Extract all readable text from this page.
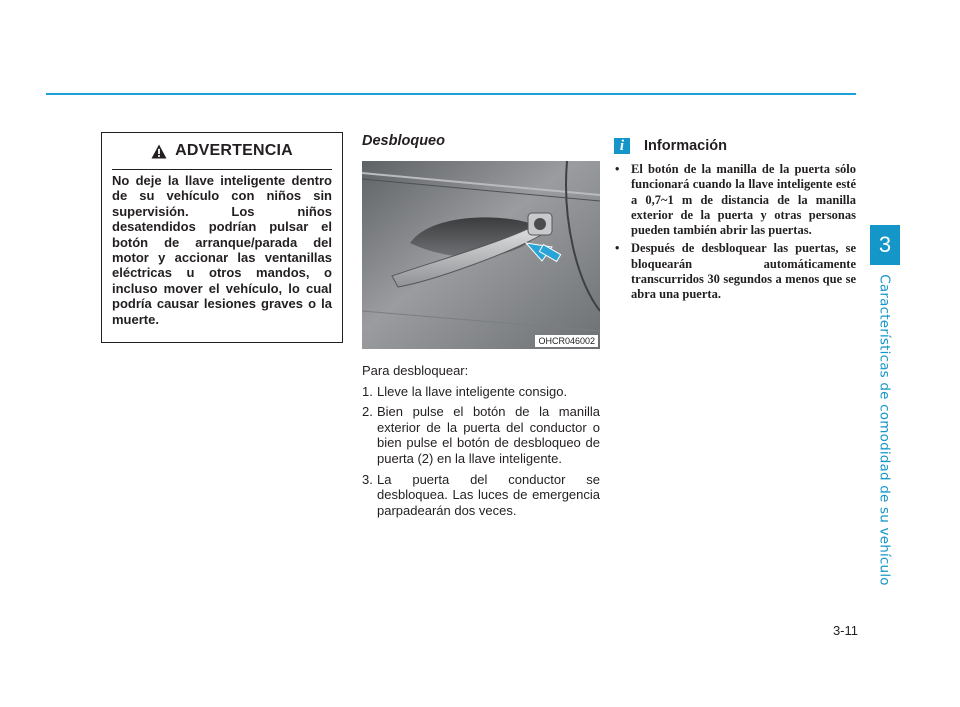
ADVERTENCIA
No deje la llave inteligente dentro de su vehículo con niños sin supervisión. Los niños desatendidos podrían pulsar el botón de arranque/parada del motor y accionar las ventanillas eléctricas u otros mandos, o incluso mover el vehículo, lo cual podría causar lesiones graves o la muerte.
Desbloqueo
OHCR046002

Para desbloquear:

1. Lleve la llave inteligente consigo.
2. Bien pulse el botón de la manilla exterior de la puerta del conductor o bien pulse el botón de desbloqueo de puerta (2) en la llave inteligente.
3. La puerta del conductor se desbloquea. Las luces de emergencia parpadearán dos veces.
i	Información
• El botón de la manilla de la puerta sólo funcionará cuando la llave inteligente esté a 0,7~1 m de distancia de la manilla exterior de la puerta y otras personas pueden también abrir las puertas.
• Después de desbloquear las puertas, se bloquearán automáticamente transcurridos 30 segundos a menos que se abra una puerta.
3
Características de comodidad de su vehículo
3-11
